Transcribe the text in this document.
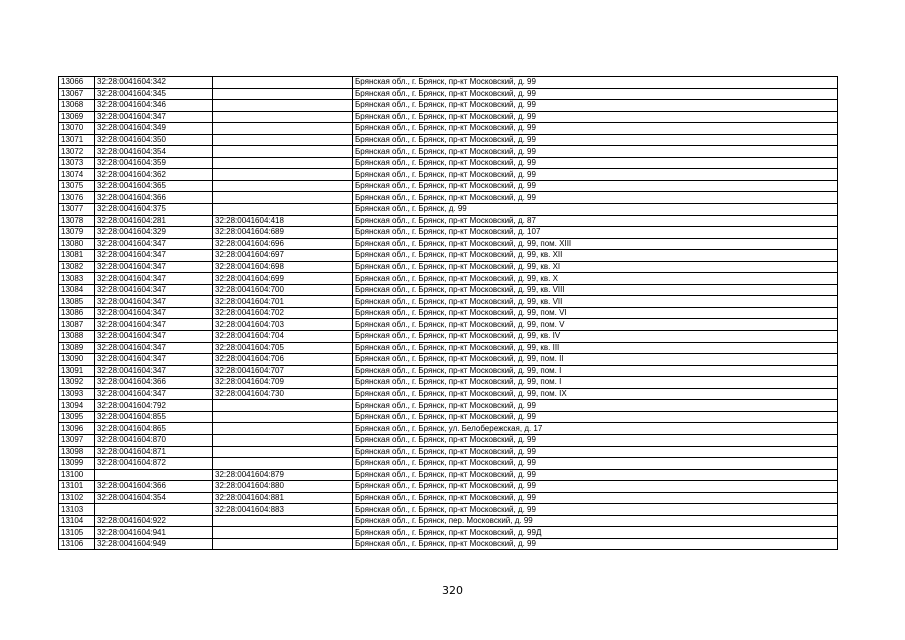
13066	32:28:0041604:342		Брянская обл., г. Брянск, пр-кт Московский, д. 99
13067	32:28:0041604:345		Брянская обл., г. Брянск, пр-кт Московский, д. 99
13068	32:28:0041604:346		Брянская обл., г. Брянск, пр-кт Московский, д. 99
13069	32:28:0041604:347		Брянская обл., г. Брянск, пр-кт Московский, д. 99
13070	32:28:0041604:349		Брянская обл., г. Брянск, пр-кт Московский, д. 99
13071	32:28:0041604:350		Брянская обл., г. Брянск, пр-кт Московский, д. 99
13072	32:28:0041604:354		Брянская обл., г. Брянск, пр-кт Московский, д. 99
13073	32:28:0041604:359		Брянская обл., г. Брянск, пр-кт Московский, д. 99
13074	32:28:0041604:362		Брянская обл., г. Брянск, пр-кт Московский, д. 99
13075	32:28:0041604:365		Брянская обл., г. Брянск, пр-кт Московский, д. 99
13076	32:28:0041604:366		Брянская обл., г. Брянск, пр-кт Московский, д. 99
13077	32:28:0041604:375		Брянская обл., г. Брянск, д. 99
13078	32:28:0041604:281	32:28:0041604:418	Брянская обл., г. Брянск, пр-кт Московский, д. 87
13079	32:28:0041604:329	32:28:0041604:689	Брянская обл., г. Брянск, пр-кт Московский, д. 107
13080	32:28:0041604:347	32:28:0041604:696	Брянская обл., г. Брянск, пр-кт Московский, д. 99, пом. XIII
13081	32:28:0041604:347	32:28:0041604:697	Брянская обл., г. Брянск, пр-кт Московский, д. 99, кв. XII
13082	32:28:0041604:347	32:28:0041604:698	Брянская обл., г. Брянск, пр-кт Московский, д. 99, кв. XI
13083	32:28:0041604:347	32:28:0041604:699	Брянская обл., г. Брянск, пр-кт Московский, д. 99, кв. X
13084	32:28:0041604:347	32:28:0041604:700	Брянская обл., г. Брянск, пр-кт Московский, д. 99, кв. VIII
13085	32:28:0041604:347	32:28:0041604:701	Брянская обл., г. Брянск, пр-кт Московский, д. 99, кв. VII
13086	32:28:0041604:347	32:28:0041604:702	Брянская обл., г. Брянск, пр-кт Московский, д. 99, пом. VI
13087	32:28:0041604:347	32:28:0041604:703	Брянская обл., г. Брянск, пр-кт Московский, д. 99, пом. V
13088	32:28:0041604:347	32:28:0041604:704	Брянская обл., г. Брянск, пр-кт Московский, д. 99, кв. IV
13089	32:28:0041604:347	32:28:0041604:705	Брянская обл., г. Брянск, пр-кт Московский, д. 99, кв. III
13090	32:28:0041604:347	32:28:0041604:706	Брянская обл., г. Брянск, пр-кт Московский, д. 99, пом. II
13091	32:28:0041604:347	32:28:0041604:707	Брянская обл., г. Брянск, пр-кт Московский, д. 99, пом. I
13092	32:28:0041604:366	32:28:0041604:709	Брянская обл., г. Брянск, пр-кт Московский, д. 99, пом. I
13093	32:28:0041604:347	32:28:0041604:730	Брянская обл., г. Брянск, пр-кт Московский, д. 99, пом. IX
13094	32:28:0041604:792		Брянская обл., г. Брянск, пр-кт Московский, д. 99
13095	32:28:0041604:855		Брянская обл., г. Брянск, пр-кт Московский, д. 99
13096	32:28:0041604:865		Брянская обл., г. Брянск, ул. Белобережская, д. 17
13097	32:28:0041604:870		Брянская обл., г. Брянск, пр-кт Московский, д. 99
13098	32:28:0041604:871		Брянская обл., г. Брянск, пр-кт Московский, д. 99
13099	32:28:0041604:872		Брянская обл., г. Брянск, пр-кт Московский, д. 99
13100		32:28:0041604:879	Брянская обл., г. Брянск, пр-кт Московский, д. 99
13101	32:28:0041604:366	32:28:0041604:880	Брянская обл., г. Брянск, пр-кт Московский, д. 99
13102	32:28:0041604:354	32:28:0041604:881	Брянская обл., г. Брянск, пр-кт Московский, д. 99
13103		32:28:0041604:883	Брянская обл., г. Брянск, пр-кт Московский, д. 99
13104	32:28:0041604:922		Брянская обл., г. Брянск, пер. Московский, д. 99
13105	32:28:0041604:941		Брянская обл., г. Брянск, пр-кт Московский, д. 99Д
13106	32:28:0041604:949		Брянская обл., г. Брянск, пр-кт Московский, д. 99
320
